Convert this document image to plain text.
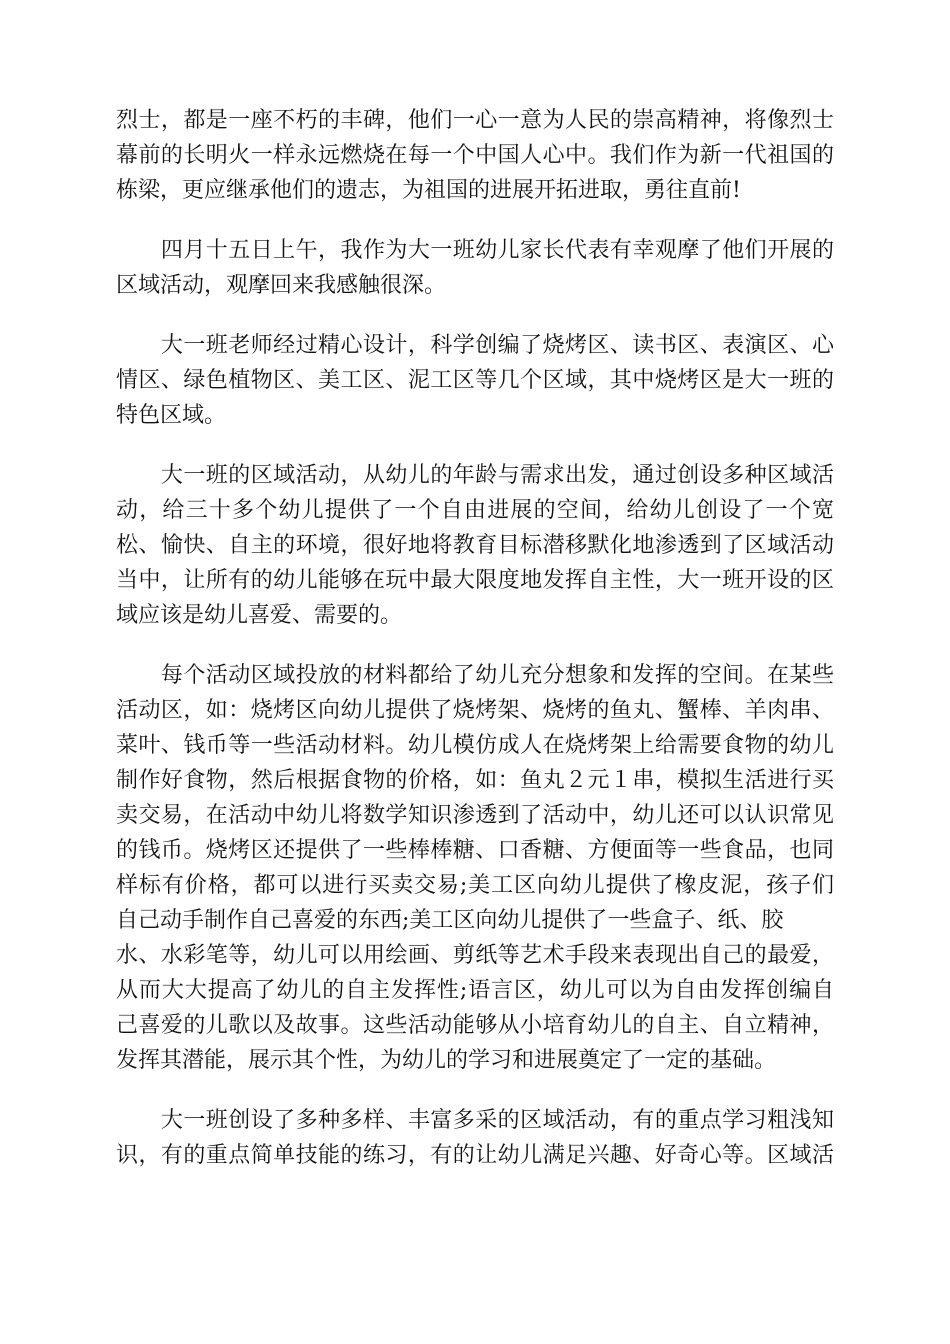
烈士，都是一座不朽的丰碑，他们一心一意为人民的崇高精神，将像烈士
幕前的长明火一样永远燃烧在每一个中国人心中。我们作为新一代祖国的
栋梁，更应继承他们的遗志，为祖国的进展开拓进取，勇往直前!

　　四月十五日上午，我作为大一班幼儿家长代表有幸观摩了他们开展的
区域活动，观摩回来我感触很深。

　　大一班老师经过精心设计，科学创编了烧烤区、读书区、表演区、心
情区、绿色植物区、美工区、泥工区等几个区域，其中烧烤区是大一班的
特色区域。

　　大一班的区域活动，从幼儿的年龄与需求出发，通过创设多种区域活
动，给三十多个幼儿提供了一个自由进展的空间，给幼儿创设了一个宽
松、愉快、自主的环境，很好地将教育目标潜移默化地渗透到了区域活动
当中，让所有的幼儿能够在玩中最大限度地发挥自主性，大一班开设的区
域应该是幼儿喜爱、需要的。

　　每个活动区域投放的材料都给了幼儿充分想象和发挥的空间。在某些
活动区，如：烧烤区向幼儿提供了烧烤架、烧烤的鱼丸、蟹棒、羊肉串、
菜叶、钱币等一些活动材料。幼儿模仿成人在烧烤架上给需要食物的幼儿
制作好食物，然后根据食物的价格，如：鱼丸２元１串，模拟生活进行买
卖交易，在活动中幼儿将数学知识渗透到了活动中，幼儿还可以认识常见
的钱币。烧烤区还提供了一些棒棒糖、口香糖、方便面等一些食品，也同
样标有价格，都可以进行买卖交易;美工区向幼儿提供了橡皮泥，孩子们
自己动手制作自己喜爱的东西;美工区向幼儿提供了一些盒子、纸、胶
水、水彩笔等，幼儿可以用绘画、剪纸等艺术手段来表现出自己的最爱，
从而大大提高了幼儿的自主发挥性;语言区，幼儿可以为自由发挥创编自
己喜爱的儿歌以及故事。这些活动能够从小培育幼儿的自主、自立精神，
发挥其潜能，展示其个性，为幼儿的学习和进展奠定了一定的基础。

　　大一班创设了多种多样、丰富多采的区域活动，有的重点学习粗浅知
识，有的重点简单技能的练习，有的让幼儿满足兴趣、好奇心等。区域活
